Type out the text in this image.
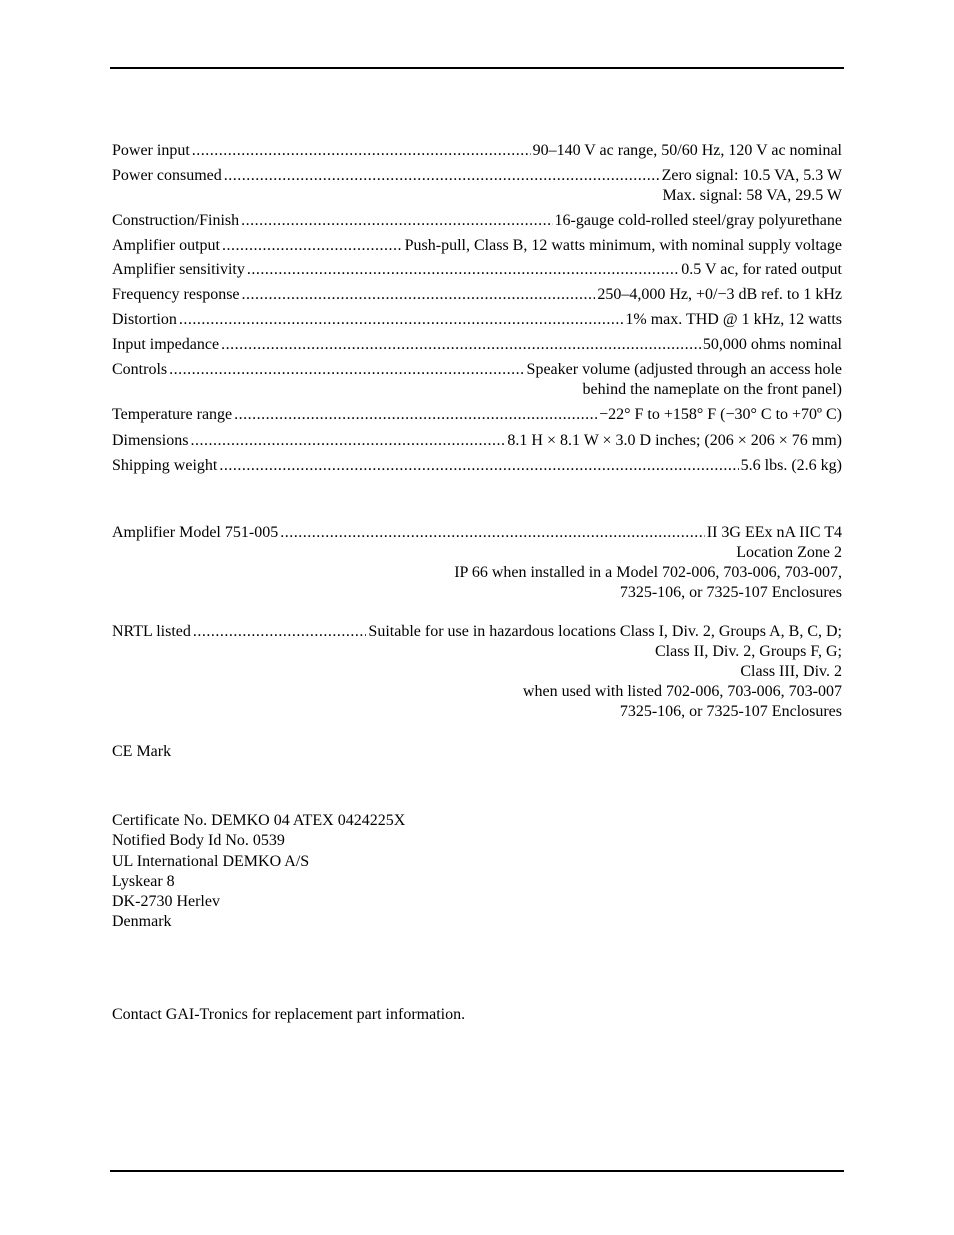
Power input .....	90–140 V ac range, 50/60 Hz, 120 V ac nominal
Power consumed .....	Zero signal: 10.5 VA, 5.3 W
Max. signal: 58 VA, 29.5 W
Construction/Finish .....	16-gauge cold-rolled steel/gray polyurethane
Amplifier output .....	Push-pull, Class B, 12 watts minimum, with nominal supply voltage
Amplifier sensitivity .....	0.5 V ac, for rated output
Frequency response .....	250–4,000 Hz, +0/−3 dB ref. to 1 kHz
Distortion .....	1% max. THD @ 1 kHz, 12 watts
Input impedance .....	50,000 ohms nominal
Controls .....	Speaker volume (adjusted through an access hole
behind the nameplate on the front panel)
Temperature range .....	−22° F to +158° F (−30° C to +70º C)
Dimensions .....	8.1 H × 8.1 W × 3.0 D inches; (206 × 206 × 76 mm)
Shipping weight .....	5.6 lbs. (2.6 kg)
Amplifier Model 751-005 .....	II 3G EEx nA IIC T4
Location Zone 2
IP 66 when installed in a Model 702-006, 703-006, 703-007,
7325-106, or 7325-107 Enclosures
NRTL listed .....	Suitable for use in hazardous locations Class I, Div. 2, Groups A, B, C, D;
Class II, Div. 2, Groups F, G;
Class III, Div. 2
when used with listed 702-006, 703-006, 703-007
7325-106, or 7325-107 Enclosures
CE Mark
Certificate No. DEMKO 04 ATEX 0424225X
Notified Body Id No. 0539
UL International DEMKO A/S
Lyskear 8
DK-2730 Herlev
Denmark
Contact GAI-Tronics for replacement part information.
